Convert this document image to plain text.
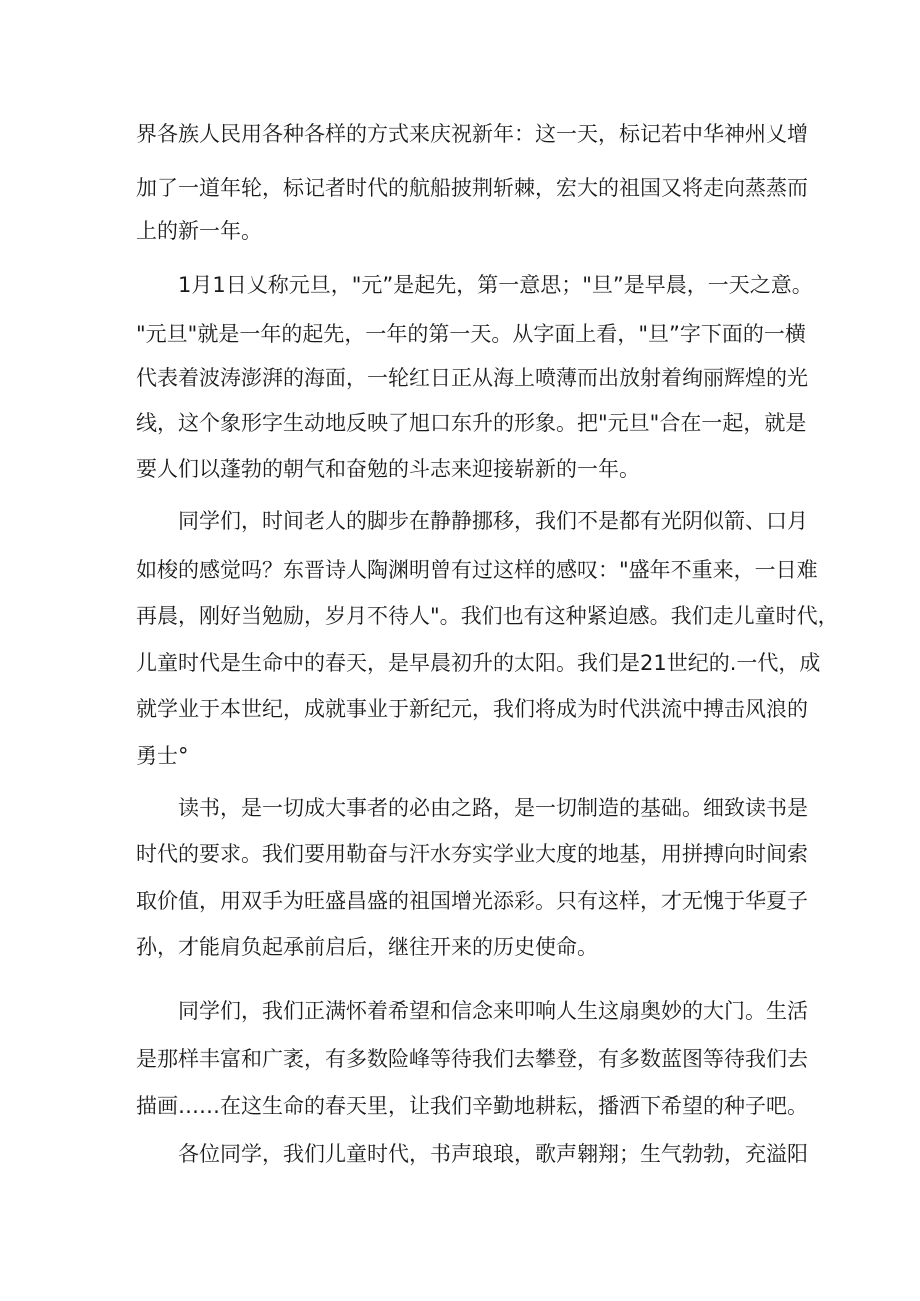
界各族人民用各种各样的方式来庆祝新年：这一天，标记若中华神州乂增

加了一道年轮，标记者时代的航船披荆斩棘，宏大的祖国又将走向蒸蒸而

上的新一年。

1月1日乂称元旦，"元”是起先，第一意思；"旦”是早晨，一天之意。

"元旦"就是一年的起先，一年的第一天。从字面上看，"旦”字下面的一横

代表着波涛澎湃的海面，一轮红日正从海上喷薄而出放射着绚丽辉煌的光

线，这个象形字生动地反映了旭口东升的形象。把"元旦"合在一起，就是

要人们以蓬勃的朝气和奋勉的斗志来迎接崭新的一年。

同学们，时间老人的脚步在静静挪移，我们不是都有光阴似箭、口月

如梭的感觉吗？东晋诗人陶渊明曾有过这样的感叹："盛年不重来，一日难

再晨，刚好当勉励，岁月不待人"。我们也有这种紧迫感。我们走儿童时代，

儿童时代是生命中的春天，是早晨初升的太阳。我们是21世纪的.一代，成

就学业于本世纪，成就事业于新纪元，我们将成为时代洪流中搏击风浪的

勇士°

读书，是一切成大事者的必由之路，是一切制造的基础。细致读书是

时代的要求。我们要用勒奋与汗水夯实学业大度的地基，用拼搏向时间索

取价值，用双手为旺盛昌盛的祖国增光添彩。只有这样，才无愧于华夏子

孙，才能肩负起承前启后，继往开来的历史使命。

同学们，我们正满怀着希望和信念来叩响人生这扇奥妙的大门。生活

是那样丰富和广袤，有多数险峰等待我们去攀登，有多数蓝图等待我们去

描画……在这生命的春天里，让我们辛勤地耕耘，播洒下希望的种子吧。

各位同学，我们儿童时代，书声琅琅，歌声翱翔；生气勃勃，充溢阳
